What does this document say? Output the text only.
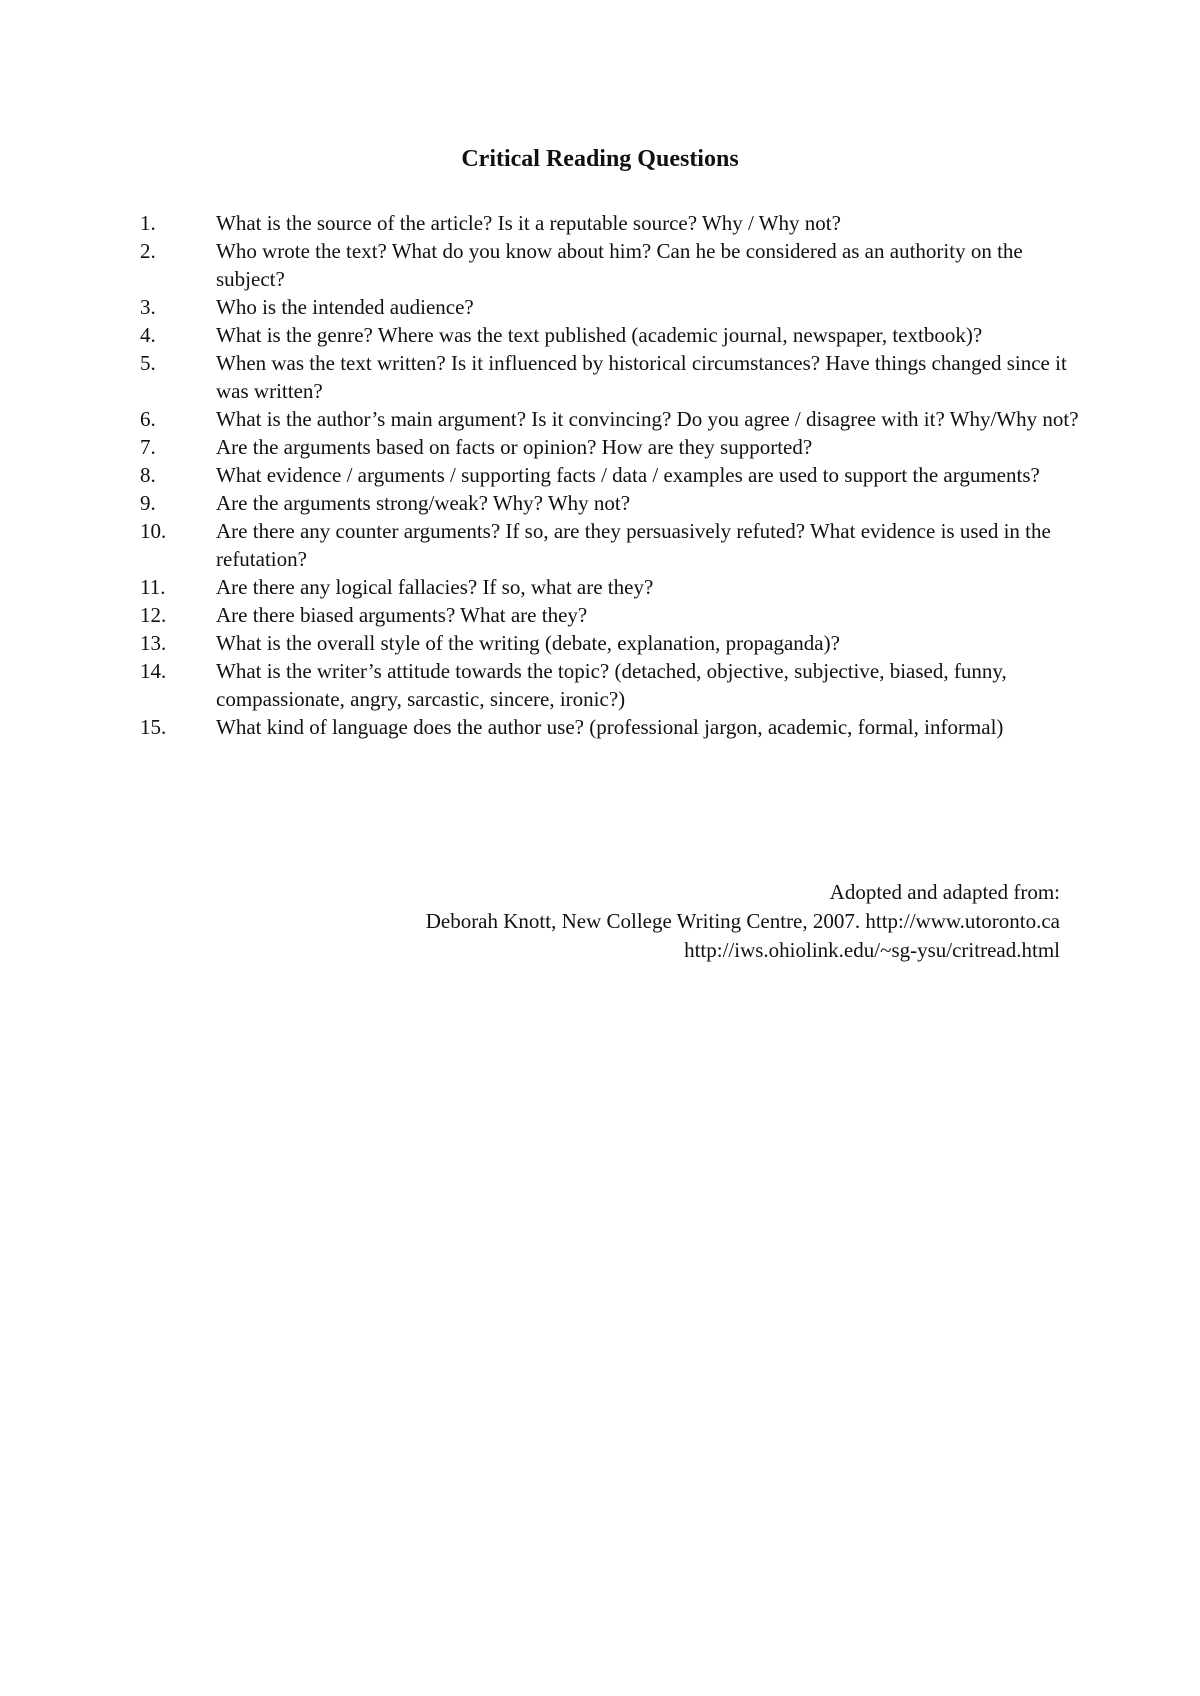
Critical Reading Questions
1.	What is the source of the article? Is it a reputable source? Why / Why not?
2.	Who wrote the text? What do you know about him? Can he be considered as an authority on the subject?
3.	Who is the intended audience?
4.	What is the genre? Where was the text published (academic journal, newspaper, textbook)?
5.	When was the text written? Is it influenced by historical circumstances? Have things changed since it was written?
6.	What is the author’s main argument? Is it convincing? Do you agree / disagree with it? Why/Why not?
7.	Are the arguments based on facts or opinion? How are they supported?
8.	What evidence / arguments / supporting facts / data / examples are used to support the arguments?
9.	Are the arguments strong/weak? Why? Why not?
10.	Are there any counter arguments? If so, are they persuasively refuted? What evidence is used in the refutation?
11.	Are there any logical fallacies? If so, what are they?
12.	Are there biased arguments? What are they?
13.	What is the overall style of the writing (debate, explanation, propaganda)?
14.	What is the writer’s attitude towards the topic? (detached, objective, subjective, biased, funny, compassionate, angry, sarcastic, sincere, ironic?)
15.	What kind of language does the author use? (professional jargon, academic, formal, informal)
Adopted and adapted from:
Deborah Knott, New College Writing Centre, 2007. http://www.utoronto.ca
http://iws.ohiolink.edu/~sg-ysu/critread.html
